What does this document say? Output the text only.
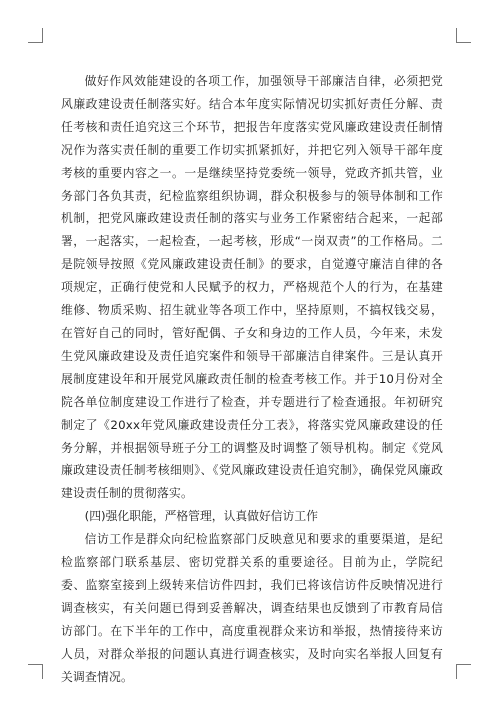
做好作风效能建设的各项工作，加强领导干部廉洁自律，必须把党风廉政建设责任制落实好。结合本年度实际情况切实抓好责任分解、责任考核和责任追究这三个环节，把报告年度落实党风廉政建设责任制情况作为落实责任制的重要工作切实抓紧抓好，并把它列入领导干部年度考核的重要内容之一。一是继续坚持党委统一领导，党政齐抓共管，业务部门各负其责，纪检监察组织协调，群众积极参与的领导体制和工作机制，把党风廉政建设责任制的落实与业务工作紧密结合起来，一起部署，一起落实，一起检查，一起考核，形成“一岗双责”的工作格局。二是院领导按照《党风廉政建设责任制》的要求，自觉遵守廉洁自律的各项规定，正确行使党和人民赋予的权力，严格规范个人的行为，在基建维修、物质采购、招生就业等各项工作中，坚持原则，不搞权钱交易，在管好自己的同时，管好配偶、子女和身边的工作人员，今年来，未发生党风廉政建设及责任追究案件和领导干部廉洁自律案件。三是认真开展制度建设年和开展党风廉政责任制的检查考核工作。并于10月份对全院各单位制度建设工作进行了检查，并专题进行了检查通报。年初研究制定了《20xx年党风廉政建设责任分工表》，将落实党风廉政建设的任务分解，并根据领导班子分工的调整及时调整了领导机构。制定《党风廉政建设责任制考核细则》、《党风廉政建设责任追究制》，确保党风廉政建设责任制的贯彻落实。

(四)强化职能，严格管理，认真做好信访工作

信访工作是群众向纪检监察部门反映意见和要求的重要渠道，是纪检监察部门联系基层、密切党群关系的重要途径。目前为止，学院纪委、监察室接到上级转来信访件四封，我们已将该信访件反映情况进行调查核实，有关问题已得到妥善解决，调查结果也反馈到了市教育局信访部门。在下半年的工作中，高度重视群众来访和举报，热情接待来访人员，对群众举报的问题认真进行调查核实，及时向实名举报人回复有关调查情况。
